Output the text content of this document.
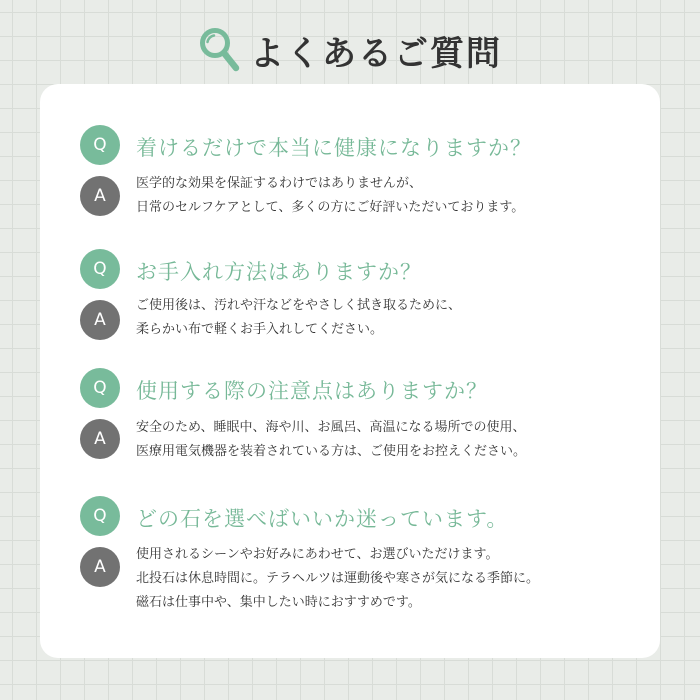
よくあるご質問
Q	着けるだけで本当に健康になりますか？
A
医学的な効果を保証するわけではありませんが、
日常のセルフケアとして、多くの方にご好評いただいております。
Q	お手入れ方法はありますか？
A
ご使用後は、汚れや汗などをやさしく拭き取るために、
柔らかい布で軽くお手入れしてください。
Q	使用する際の注意点はありますか？
A
安全のため、睡眠中、海や川、お風呂、高温になる場所での使用、
医療用電気機器を装着されている方は、ご使用をお控えください。
Q	どの石を選べばいいか迷っています。
A
使用されるシーンやお好みにあわせて、お選びいただけます。
北投石は休息時間に。テラヘルツは運動後や寒さが気になる季節に。
磁石は仕事中や、集中したい時におすすめです。
